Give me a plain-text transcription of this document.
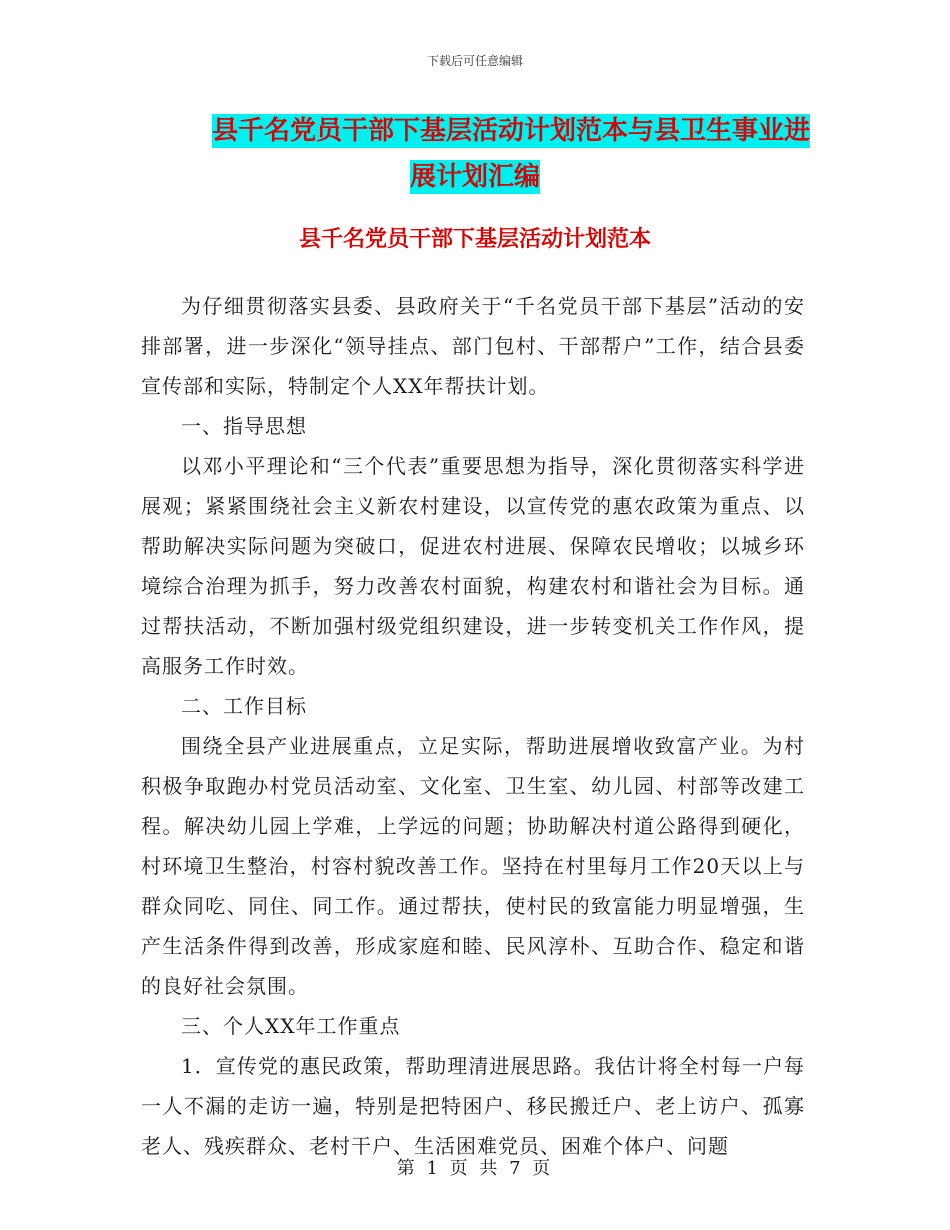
下载后可任意编辑
县千名党员干部下基层活动计划范本与县卫生事业进
展计划汇编
县千名党员干部下基层活动计划范本

为仔细贯彻落实县委、县政府关于“千名党员干部下基层”活动的安排部署，进一步深化“领导挂点、部门包村、干部帮户”工作，结合县委宣传部和实际，特制定个人XX年帮扶计划。

一、指导思想

以邓小平理论和“三个代表”重要思想为指导，深化贯彻落实科学进展观；紧紧围绕社会主义新农村建设，以宣传党的惠农政策为重点、以帮助解决实际问题为突破口，促进农村进展、保障农民增收；以城乡环境综合治理为抓手，努力改善农村面貌，构建农村和谐社会为目标。通过帮扶活动，不断加强村级党组织建设，进一步转变机关工作作风，提高服务工作时效。

二、工作目标

围绕全县产业进展重点，立足实际，帮助进展增收致富产业。为村积极争取跑办村党员活动室、文化室、卫生室、幼儿园、村部等改建工程。解决幼儿园上学难，上学远的问题；协助解决村道公路得到硬化，村环境卫生整治，村容村貌改善工作。坚持在村里每月工作20天以上与群众同吃、同住、同工作。通过帮扶，使村民的致富能力明显增强，生产生活条件得到改善，形成家庭和睦、民风淳朴、互助合作、稳定和谐的良好社会氛围。

三、个人XX年工作重点

1．宣传党的惠民政策，帮助理清进展思路。我估计将全村每一户每一人不漏的走访一遍，特别是把特困户、移民搬迁户、老上访户、孤寡老人、残疾群众、老村干户、生活困难党员、困难个体户、问题

第 1 页 共 7 页
